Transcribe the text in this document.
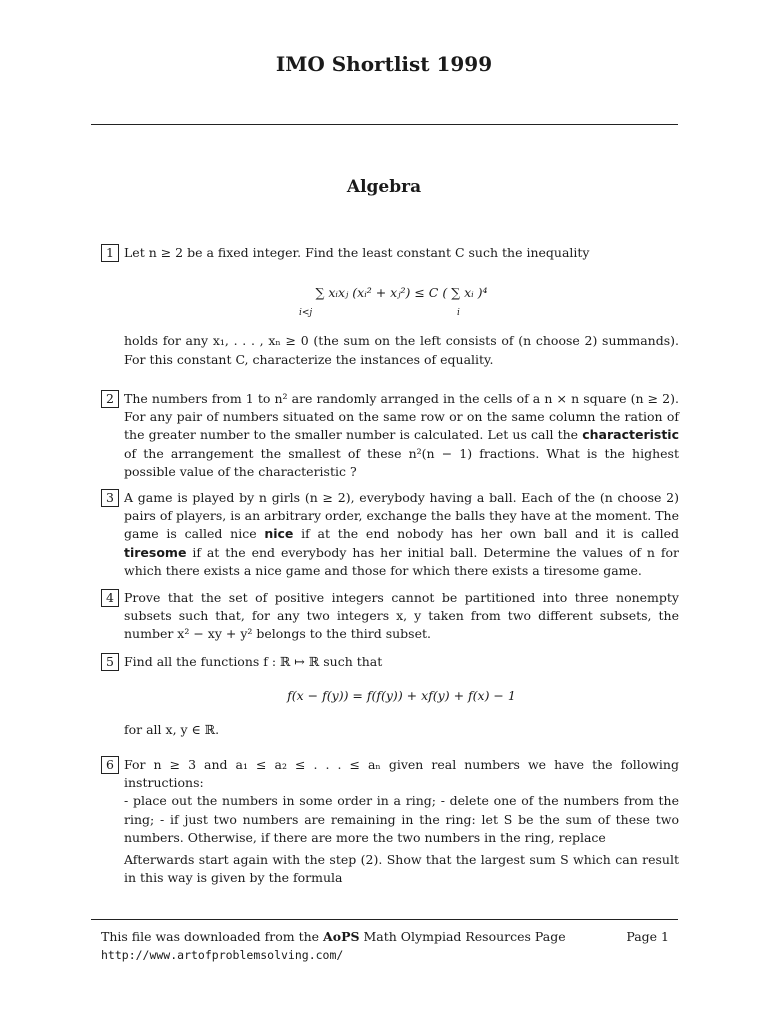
IMO Shortlist 1999
Algebra
1 Let n ≥ 2 be a fixed integer. Find the least constant C such the inequality

∑ xᵢxⱼ (xᵢ² + xⱼ²) ≤ C ( ∑ xᵢ )⁴
i<j	i

holds for any x₁, . . . , xₙ ≥ 0 (the sum on the left consists of (n choose 2) summands). For this constant C, characterize the instances of equality.

2 The numbers from 1 to n² are randomly arranged in the cells of a n × n square (n ≥ 2). For any pair of numbers situated on the same row or on the same column the ration of the greater number to the smaller number is calculated. Let us call the characteristic of the arrangement the smallest of these n²(n − 1) fractions. What is the highest possible value of the characteristic ?

3 A game is played by n girls (n ≥ 2), everybody having a ball. Each of the (n choose 2) pairs of players, is an arbitrary order, exchange the balls they have at the moment. The game is called nice nice if at the end nobody has her own ball and it is called tiresome if at the end everybody has her initial ball. Determine the values of n for which there exists a nice game and those for which there exists a tiresome game.

4 Prove that the set of positive integers cannot be partitioned into three nonempty subsets such that, for any two integers x, y taken from two different subsets, the number x² − xy + y² belongs to the third subset.

5 Find all the functions f : ℝ ↦ ℝ such that

f(x − f(y)) = f(f(y)) + xf(y) + f(x) − 1

for all x, y ∈ ℝ.

6 For n ≥ 3 and a₁ ≤ a₂ ≤ . . . ≤ aₙ given real numbers we have the following instructions:

- place out the numbers in some order in a ring; - delete one of the numbers from the ring; - if just two numbers are remaining in the ring: let S be the sum of these two numbers. Otherwise, if there are more the two numbers in the ring, replace

Afterwards start again with the step (2). Show that the largest sum S which can result in this way is given by the formula

This file was downloaded from the AoPS Math Olympiad Resources Page	Page 1
http://www.artofproblemsolving.com/
